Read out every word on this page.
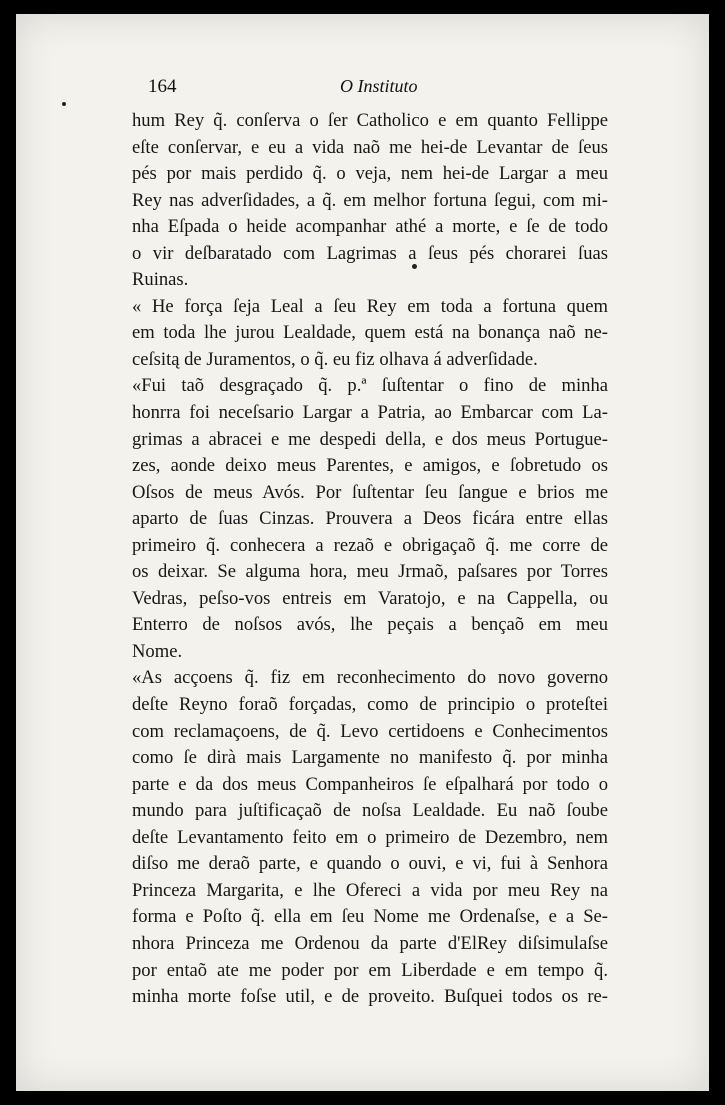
164	O Instituto
hum Rey q̃. conſerva o ſer Catholico e em quanto Fellippe
eſte conſervar, e eu a vida naõ me hei-de Levantar de ſeus
pés por mais perdido q̃. o veja, nem hei-de Largar a meu
Rey nas adverſidades, a q̃. em melhor fortuna ſegui, com mi-
nha Eſpada o heide acompanhar athé a morte, e ſe de todo
o vir deſbaratado com Lagrimas a ſeus pés chorarei ſuas
Ruinas.
« He força ſeja Leal a ſeu Rey em toda a fortuna quem
em toda lhe jurou Lealdade, quem está na bonança naõ ne-
ceſsitą de Juramentos, o q̃. eu fiz olhava á adverſidade.
«Fui taõ desgraçado q̃. p.ª ſuſtentar o fino de minha
honrra foi neceſsario Largar a Patria, ao Embarcar com La-
grimas a abracei e me despedi della, e dos meus Portugue-
zes, aonde deixo meus Parentes, e amigos, e ſobretudo os
Oſsos de meus Avós. Por ſuſtentar ſeu ſangue e brios me
aparto de ſuas Cinzas. Prouvera a Deos ficára entre ellas
primeiro q̃. conhecera a rezaõ e obrigaçaõ q̃. me corre de
os deixar. Se alguma hora, meu Jrmaõ, paſsares por Torres
Vedras, peſso-vos entreis em Varatojo, e na Cappella, ou
Enterro de noſsos avós, lhe peçais a bençaõ em meu
Nome.
«As acçoens q̃. fiz em reconhecimento do novo governo
deſte Reyno foraõ forçadas, como de principio o proteſtei
com reclamaçoens, de q̃. Levo certidoens e Conhecimentos
como ſe dirà mais Largamente no manifesto q̃. por minha
parte e da dos meus Companheiros ſe eſpalhará por todo o
mundo para juſtificaçaõ de noſsa Lealdade. Eu naõ ſoube
deſte Levantamento feito em o primeiro de Dezembro, nem
diſso me deraõ parte, e quando o ouvi, e vi, fui à Senhora
Princeza Margarita, e lhe Ofereci a vida por meu Rey na
forma e Poſto q̃. ella em ſeu Nome me Ordenaſse, e a Se-
nhora Princeza me Ordenou da parte d'ElRey diſsimulaſse
por entaõ ate me poder por em Liberdade e em tempo q̃.
minha morte foſse util, e de proveito. Buſquei todos os re-
